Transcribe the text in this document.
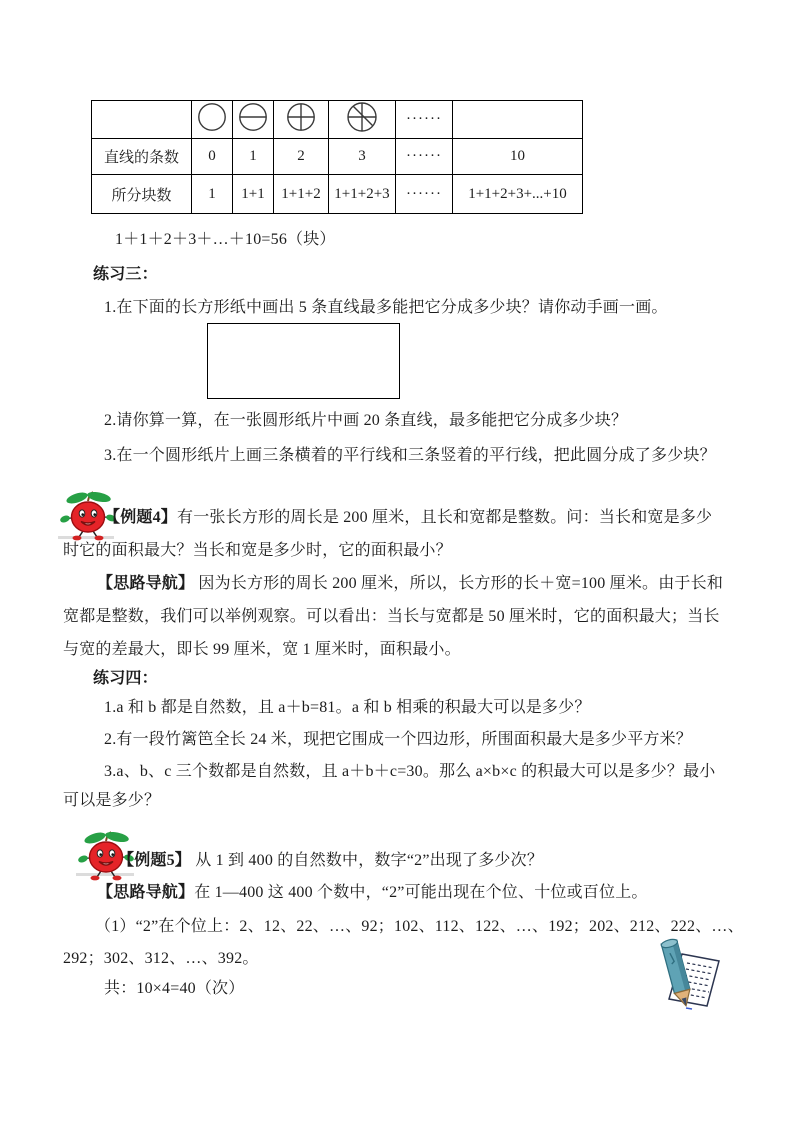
					······	
直线的条数	0	1	2	3	······	10
所分块数	1	1+1	1+1+2	1+1+2+3	······	1+1+2+3+...+10
1＋1＋2＋3＋…＋10=56（块）
练习三：
1.在下面的长方形纸中画出 5 条直线最多能把它分成多少块？请你动手画一画。
2.请你算一算，在一张圆形纸片中画 20 条直线，最多能把它分成多少块？
3.在一个圆形纸片上画三条横着的平行线和三条竖着的平行线，把此圆分成了多少块？
【例题4】有一张长方形的周长是 200 厘米，且长和宽都是整数。问：当长和宽是多少
时它的面积最大？当长和宽是多少时，它的面积最小？
【思路导航】 因为长方形的周长 200 厘米，所以，长方形的长＋宽=100 厘米。由于长和
宽都是整数，我们可以举例观察。可以看出：当长与宽都是 50 厘米时，它的面积最大；当长
与宽的差最大，即长 99 厘米，宽 1 厘米时，面积最小。
练习四：
1.a 和 b 都是自然数，且 a＋b=81。a 和 b 相乘的积最大可以是多少？
2.有一段竹篱笆全长 24 米，现把它围成一个四边形，所围面积最大是多少平方米？
3.a、b、c 三个数都是自然数，且 a＋b＋c=30。那么 a×b×c 的积最大可以是多少？最小
可以是多少？
【例题5】 从 1 到 400 的自然数中，数字“2”出现了多少次？
【思路导航】在 1—400 这 400 个数中，“2”可能出现在个位、十位或百位上。
（1）“2”在个位上：2、12、22、…、92；102、112、122、…、192；202、212、222、…、
292；302、312、…、392。
共：10×4=40（次）
